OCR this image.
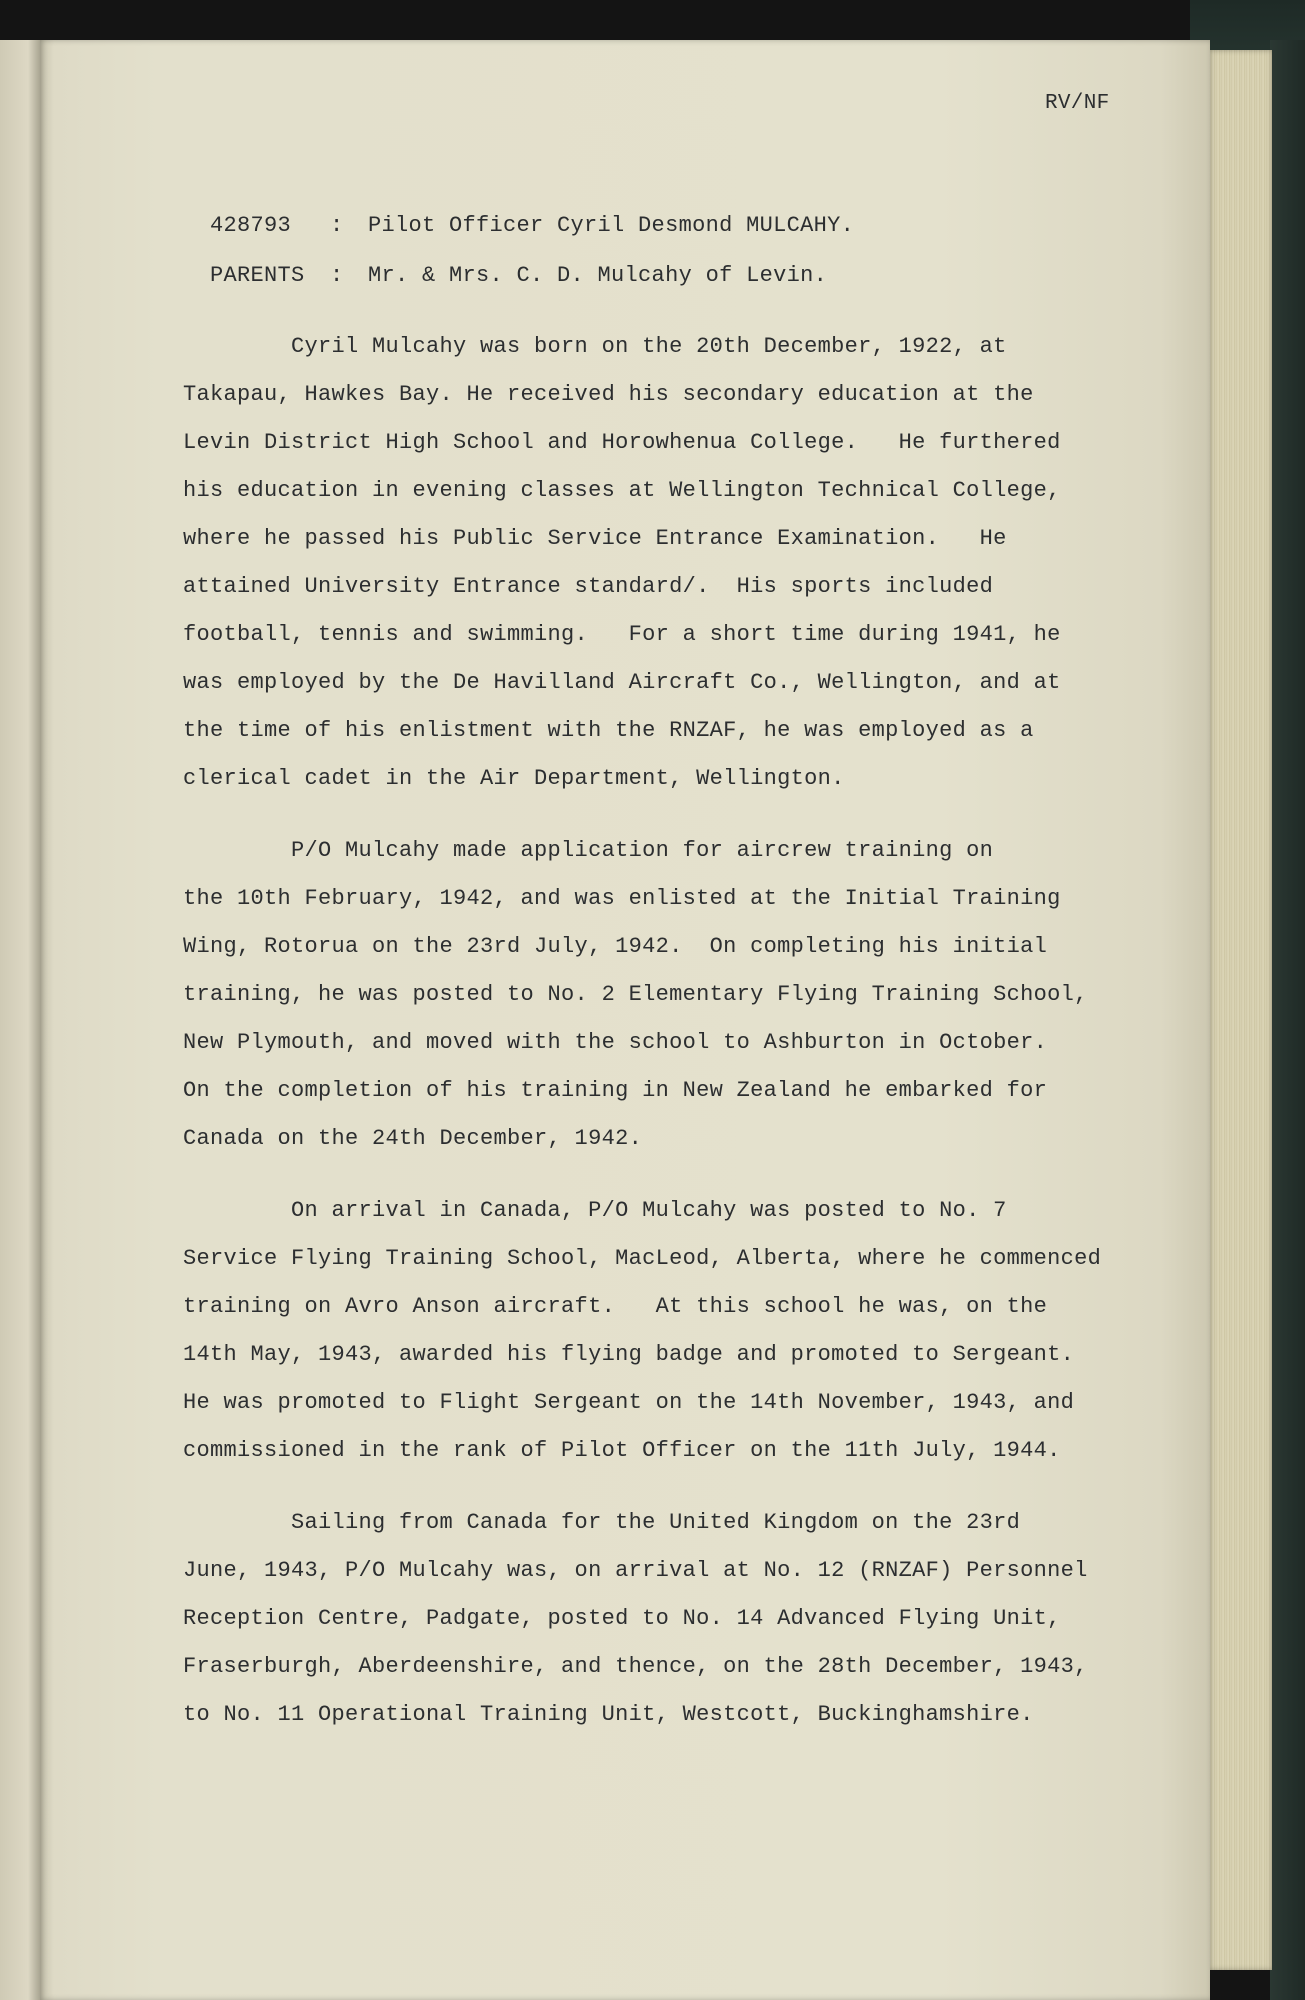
RV/NF

428793 : Pilot Officer Cyril Desmond MULCAHY.

PARENTS : Mr. & Mrs. C. D. Mulcahy of Levin.

Cyril Mulcahy was born on the 20th December, 1922, at
Takapau, Hawkes Bay. He received his secondary education at the
Levin District High School and Horowhenua College.   He furthered
his education in evening classes at Wellington Technical College,
where he passed his Public Service Entrance Examination.   He
attained University Entrance standard/.  His sports included
football, tennis and swimming.   For a short time during 1941, he
was employed by the De Havilland Aircraft Co., Wellington, and at
the time of his enlistment with the RNZAF, he was employed as a
clerical cadet in the Air Department, Wellington.
P/O Mulcahy made application for aircrew training on
the 10th February, 1942, and was enlisted at the Initial Training
Wing, Rotorua on the 23rd July, 1942.  On completing his initial
training, he was posted to No. 2 Elementary Flying Training School,
New Plymouth, and moved with the school to Ashburton in October.
On the completion of his training in New Zealand he embarked for
Canada on the 24th December, 1942.
On arrival in Canada, P/O Mulcahy was posted to No. 7
Service Flying Training School, MacLeod, Alberta, where he commenced
training on Avro Anson aircraft.   At this school he was, on the
14th May, 1943, awarded his flying badge and promoted to Sergeant.
He was promoted to Flight Sergeant on the 14th November, 1943, and
commissioned in the rank of Pilot Officer on the 11th July, 1944.
Sailing from Canada for the United Kingdom on the 23rd
June, 1943, P/O Mulcahy was, on arrival at No. 12 (RNZAF) Personnel
Reception Centre, Padgate, posted to No. 14 Advanced Flying Unit,
Fraserburgh, Aberdeenshire, and thence, on the 28th December, 1943,
to No. 11 Operational Training Unit, Westcott, Buckinghamshire.
